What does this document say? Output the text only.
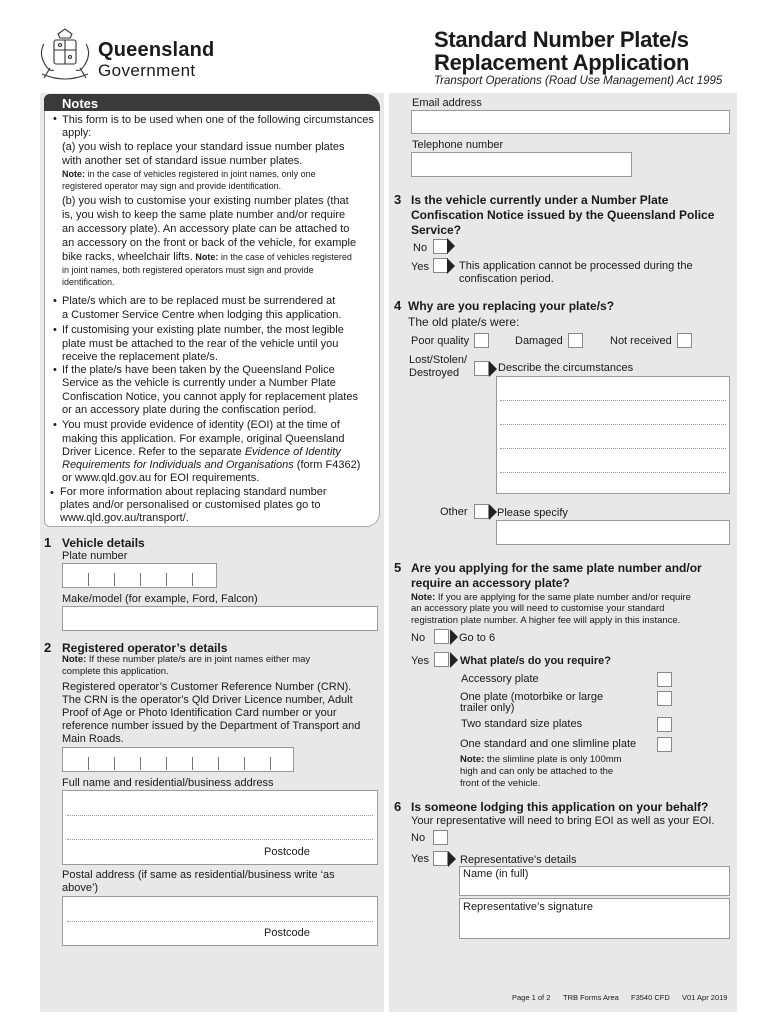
Queensland
Government
Standard Number Plate/s
Replacement Application
Transport Operations (Road Use Management) Act 1995
Notes
• This form is to be used when one of the following circumstances
apply:
(a) you wish to replace your standard issue number plates
with another set of standard issue number plates.
Note: in the case of vehicles registered in joint names, only one
registered operator may sign and provide identification.
(b) you wish to customise your existing number plates (that
is, you wish to keep the same plate number and/or require
an accessory plate). An accessory plate can be attached to
an accessory on the front or back of the vehicle, for example
bike racks, wheelchair lifts. Note: in the case of vehicles registered
in joint names, both registered operators must sign and provide
identification.
• Plate/s which are to be replaced must be surrendered at
a Customer Service Centre when lodging this application.
• If customising your existing plate number, the most legible
plate must be attached to the rear of the vehicle until you
receive the replacement plate/s.
• If the plate/s have been taken by the Queensland Police
Service as the vehicle is currently under a Number Plate
Confiscation Notice, you cannot apply for replacement plates
or an accessory plate during the confiscation period.
• You must provide evidence of identity (EOI) at the time of
making this application. For example, original Queensland
Driver Licence. Refer to the separate Evidence of Identity
Requirements for Individuals and Organisations (form F4362)
or www.qld.gov.au for EOI requirements.
• For more information about replacing standard number
plates and/or personalised or customised plates go to
www.qld.gov.au/transport/.
1 Vehicle details
Plate number
Make/model (for example, Ford, Falcon)
2 Registered operator’s details
Note: If these number plate/s are in joint names either may
complete this application.
Registered operator’s Customer Reference Number (CRN).
The CRN is the operator's Qld Driver Licence number, Adult
Proof of Age or Photo Identification Card number or your
reference number issued by the Department of Transport and
Main Roads.
Full name and residential/business address
Postcode
Postal address (if same as residential/business write ‘as
above’)
Postcode
Email address
Telephone number
3 Is the vehicle currently under a Number Plate
Confiscation Notice issued by the Queensland Police
Service?
No
Yes	This application cannot be processed during the
confiscation period.
4 Why are you replacing your plate/s?
The old plate/s were:
Poor quality	Damaged	Not received
Lost/Stolen/
Destroyed	Describe the circumstances
Other	Please specify
5 Are you applying for the same plate number and/or
require an accessory plate?
Note: If you are applying for the same plate number and/or require
an accessory plate you will need to customise your standard
registration plate number. A higher fee will apply in this instance.
No	Go to 6
Yes	What plate/s do you require?
Accessory plate
One plate (motorbike or large
trailer only)
Two standard size plates
One standard and one slimline plate
Note: the slimline plate is only 100mm
high and can only be attached to the
front of the vehicle.
6 Is someone lodging this application on your behalf?
Your representative will need to bring EOI as well as your EOI.
No
Yes	Representative's details
Name (in full)
Representative’s signature
Page 1 of 2 TRB Forms Area F3540 CFD V01 Apr 2019
